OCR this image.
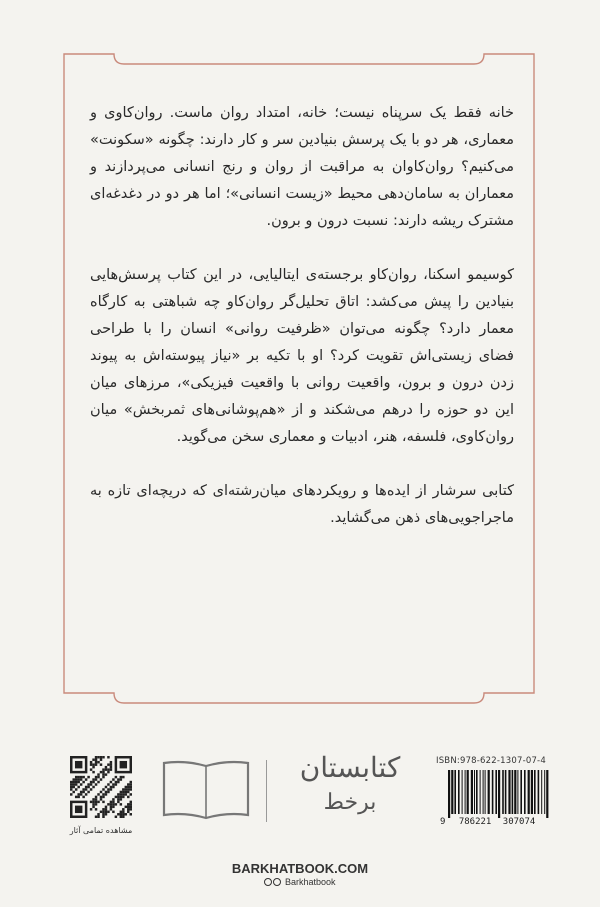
خانه فقط یک سرپناه نیست؛ خانه، امتداد روان ماست. روان‌کاوی و معماری، هر دو با یک پرسش بنیادین سر و کار دارند: چگونه «سکونت» می‌کنیم؟ روان‌کاوان به مراقبت از روان و رنج انسانی می‌پردازند و معماران به سامان‌دهی محیط «زیست انسانی»؛ اما هر دو در دغدغه‌ای مشترک ریشه دارند: نسبت درون و برون.

کوسیمو اسکنا، روان‌کاو برجسته‌ی ایتالیایی، در این کتاب پرسش‌هایی بنیادین را پیش می‌کشد: اتاق تحلیل‌گر روان‌کاو چه شباهتی به کارگاه معمار دارد؟ چگونه می‌توان «ظرفیت روانی» انسان را با طراحی فضای زیستی‌اش تقویت کرد؟ او با تکیه بر «نیاز پیوسته‌اش به پیوند زدن درون و برون، واقعیت روانی با واقعیت فیزیکی»، مرزهای میان این دو حوزه را درهم می‌شکند و از «هم‌پوشانی‌های ثمربخش» میان روان‌کاوی، فلسفه، هنر، ادبیات و معماری سخن می‌گوید.

کتابی سرشار از ایده‌ها و رویکردهای میان‌رشته‌ای که دریچه‌ای تازه به ماجراجویی‌های ذهن می‌گشاید.

مشاهده تمامی آثار
کتابستان
برخط
ISBN:978-622-1307-07-4
9 786221 307074
BARKHATBOOK.COM
Barkhatbook
